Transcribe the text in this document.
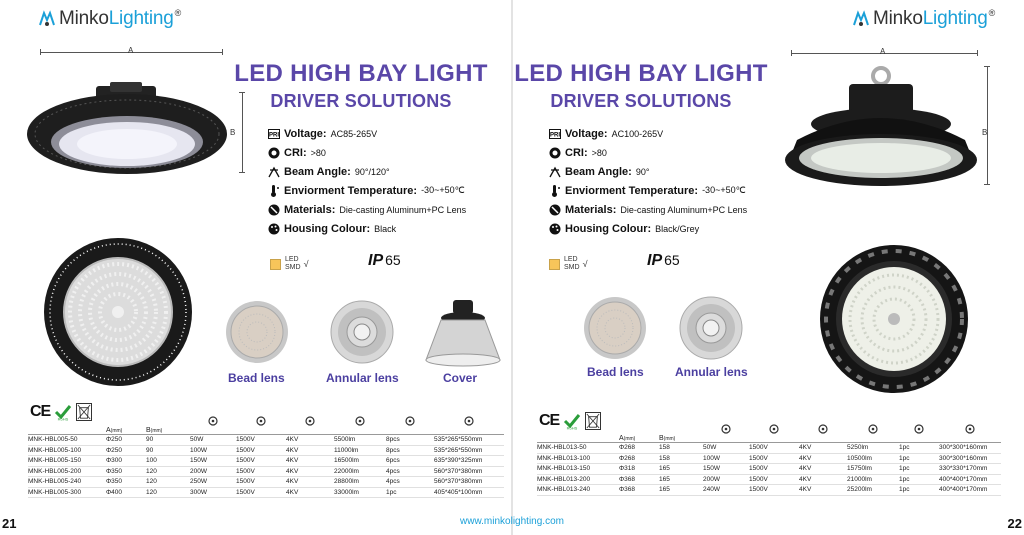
Minko Lighting ®
LED HIGH BAY LIGHT
DRIVER SOLUTIONS
A
B	PRI Voltage: AC85-265V
CRI: >80
Beam Angle: 90°/120°
Enviorment Temperature: -30~+50℃
Materials: Die-casting Aluminum+PC Lens
Housing Colour: Black
LED
SMD √	IP 65
Bead lens	Annular lens	Cover
CE RoHS
A(mm)	B(mm)
MNK-HBL005-50	Φ250	90	50W	1500V	4KV	5500lm	8pcs	535*265*550mm
MNK-HBL005-100	Φ250	90	100W	1500V	4KV	11000lm	8pcs	535*265*550mm
MNK-HBL005-150	Φ300	100	150W	1500V	4KV	16500lm	6pcs	635*390*325mm
MNK-HBL005-200	Φ350	120	200W	1500V	4KV	22000lm	4pcs	560*370*380mm
MNK-HBL005-240	Φ350	120	250W	1500V	4KV	28800lm	4pcs	560*370*380mm
MNK-HBL005-300	Φ400	120	300W	1500V	4KV	33000lm	1pc	405*405*100mm
21
Minko Lighting ®
LED HIGH BAY LIGHT
DRIVER SOLUTIONS
A
B
PRI Voltage: AC100-265V
CRI: >80
Beam Angle: 90°
Enviorment Temperature: -30~+50℃
Materials: Die-casting Aluminum+PC Lens
Housing Colour: Black/Grey
LED
SMD √	IP 65
Bead lens	Annular lens
CE RoHS
A(mm)	B(mm)
MNK-HBL013-50	Φ268	158	50W	1500V	4KV	5250lm	1pc	300*300*160mm
MNK-HBL013-100	Φ268	158	100W	1500V	4KV	10500lm	1pc	300*300*160mm
MNK-HBL013-150	Φ318	165	150W	1500V	4KV	15750lm	1pc	330*330*170mm
MNK-HBL013-200	Φ368	165	200W	1500V	4KV	21000lm	1pc	400*400*170mm
MNK-HBL013-240	Φ368	165	240W	1500V	4KV	25200lm	1pc	400*400*170mm
22
www.minkolighting.com
